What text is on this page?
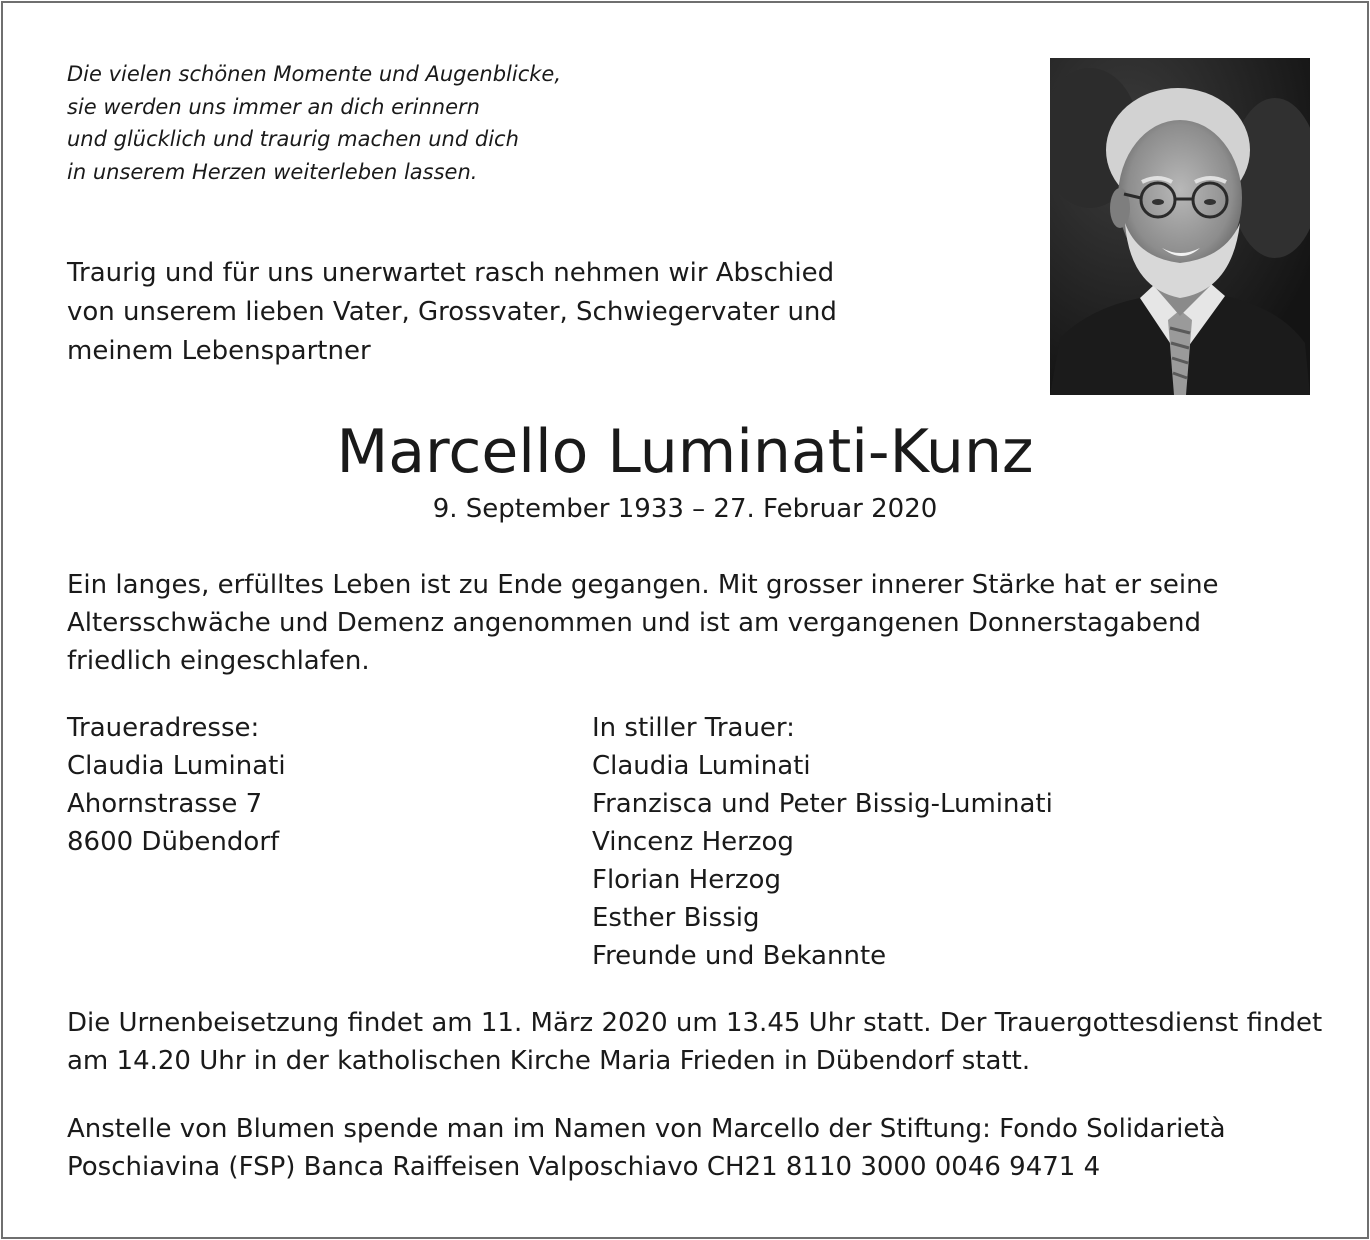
Die vielen schönen Momente und Augenblicke,
sie werden uns immer an dich erinnern
und glücklich und traurig machen und dich
in unserem Herzen weiterleben lassen.
Traurig und für uns unerwartet rasch nehmen wir Abschied
von unserem lieben Vater, Grossvater, Schwiegervater und
meinem Lebenspartner
Marcello Luminati-Kunz
9. September 1933 – 27. Februar 2020
Ein langes, erfülltes Leben ist zu Ende gegangen. Mit grosser innerer Stärke hat er seine
Altersschwäche und Demenz angenommen und ist am vergangenen Donnerstagabend
friedlich eingeschlafen.
Traueradresse:
Claudia Luminati
Ahornstrasse 7
8600 Dübendorf
In stiller Trauer:
Claudia Luminati
Franzisca und Peter Bissig-Luminati
Vincenz Herzog
Florian Herzog
Esther Bissig
Freunde und Bekannte
Die Urnenbeisetzung findet am 11. März 2020 um 13.45 Uhr statt. Der Trauergottesdienst findet
am 14.20 Uhr in der katholischen Kirche Maria Frieden in Dübendorf statt.
Anstelle von Blumen spende man im Namen von Marcello der Stiftung: Fondo Solidarietà
Poschiavina (FSP) Banca Raiffeisen Valposchiavo CH21 8110 3000 0046 9471 4
